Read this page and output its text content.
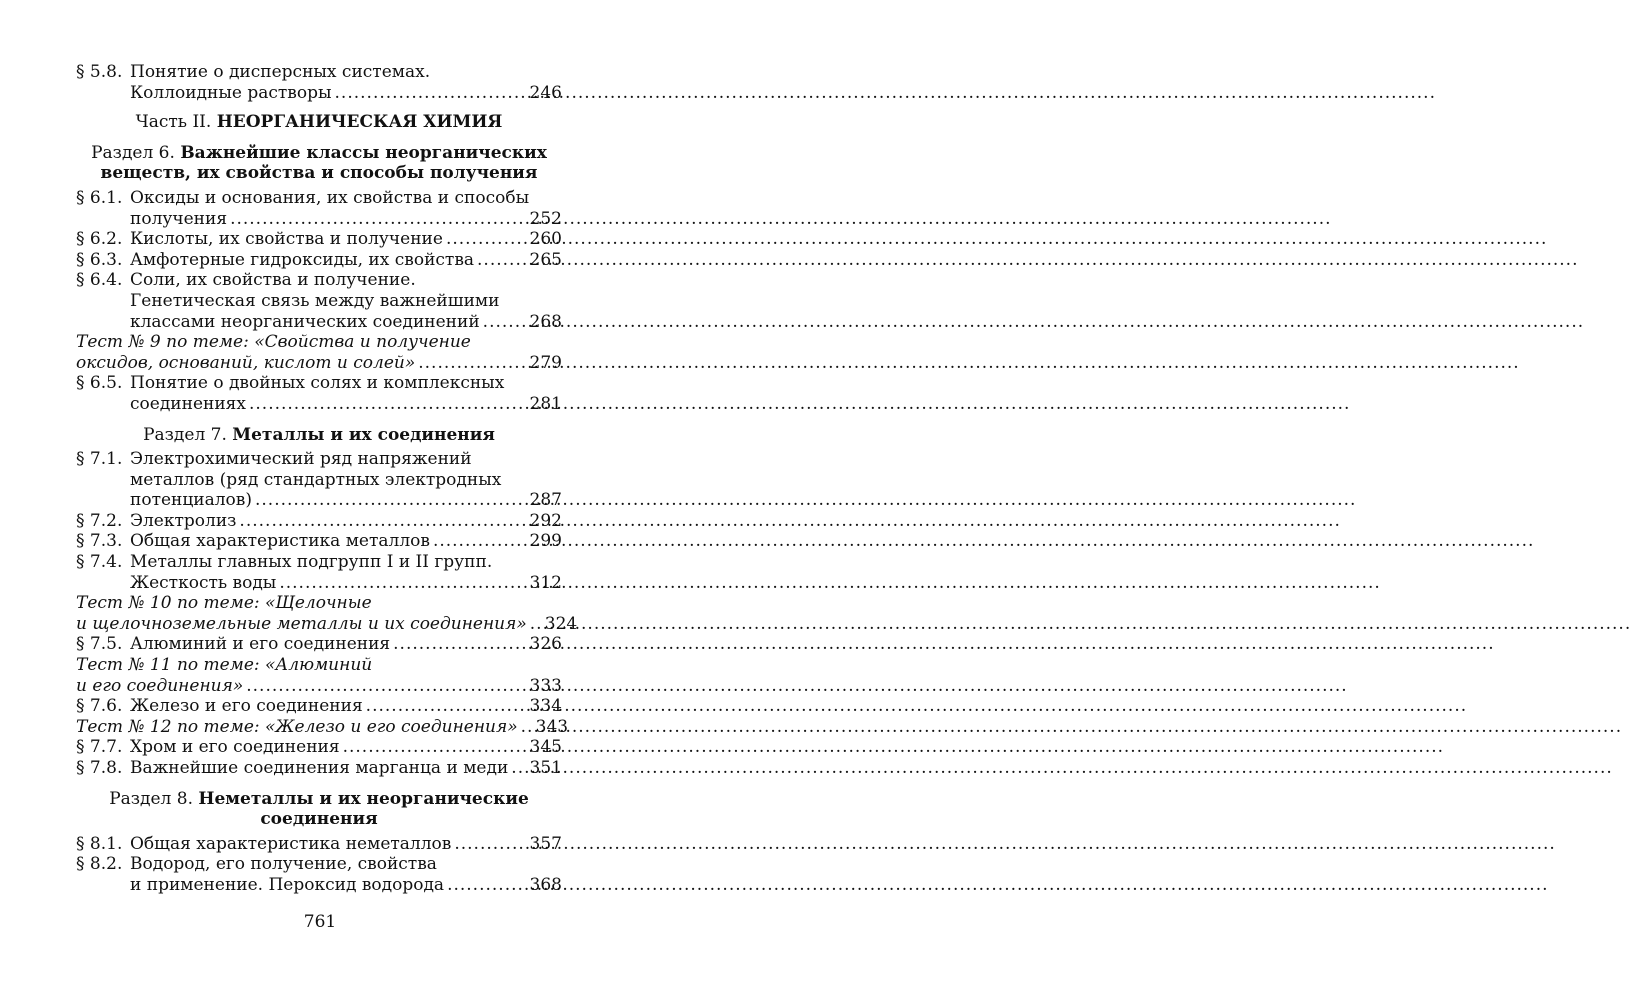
§ 5.8. Понятие о дисперсных системах.
Коллоидные растворы .....	246
Часть II. НЕОРГАНИЧЕСКАЯ ХИМИЯ
Раздел 6. Важнейшие классы неорганических
веществ, их свойства и способы получения
§ 6.1. Оксиды и основания, их свойства и способы
получения .....	252
§ 6.2. Кислоты, их свойства и получение .....	260
§ 6.3. Амфотерные гидроксиды, их свойства .....	265
§ 6.4. Соли, их свойства и получение.
Генетическая связь между важнейшими
классами неорганических соединений .....	268
Тест № 9 по теме: «Свойства и получение
оксидов, оснований, кислот и солей» .....	279
§ 6.5. Понятие о двойных солях и комплексных
соединениях .....	281
Раздел 7. Металлы и их соединения
§ 7.1. Электрохимический ряд напряжений
металлов (ряд стандартных электродных
потенциалов) .....	287
§ 7.2. Электролиз .....	292
§ 7.3. Общая характеристика металлов .....	299
§ 7.4. Металлы главных подгрупп I и II групп.
Жесткость воды .....	312
Тест № 10 по теме: «Щелочные
и щелочноземельные металлы и их соединения» ..... 324
§ 7.5. Алюминий и его соединения .....	326
Тест № 11 по теме: «Алюминий
и его соединения» .....	333
§ 7.6. Железо и его соединения .....	334
Тест № 12 по теме: «Железо и его соединения» ..... 343
§ 7.7. Хром и его соединения .....	345
§ 7.8. Важнейшие соединения марганца и меди ..... 351
Раздел 8. Неметаллы и их неорганические
соединения
§ 8.1. Общая характеристика неметаллов .....	357
§ 8.2. Водород, его получение, свойства
и применение. Пероксид водорода .....	368
761
